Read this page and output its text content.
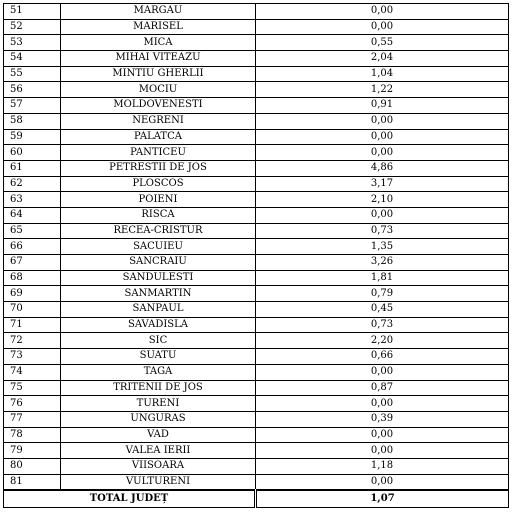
51	MARGAU	0,00
52	MARISEL	0,00
53	MICA	0,55
54	MIHAI VITEAZU	2,04
55	MINTIU GHERLII	1,04
56	MOCIU	1,22
57	MOLDOVENESTI	0,91
58	NEGRENI	0,00
59	PALATCA	0,00
60	PANTICEU	0,00
61	PETRESTII DE JOS	4,86
62	PLOSCOS	3,17
63	POIENI	2,10
64	RISCA	0,00
65	RECEA-CRISTUR	0,73
66	SACUIEU	1,35
67	SANCRAIU	3,26
68	SANDULESTI	1,81
69	SANMARTIN	0,79
70	SANPAUL	0,45
71	SAVADISLA	0,73
72	SIC	2,20
73	SUATU	0,66
74	TAGA	0,00
75	TRITENII DE JOS	0,87
76	TURENI	0,00
77	UNGURAS	0,39
78	VAD	0,00
79	VALEA IERII	0,00
80	VIISOARA	1,18
81	VULTURENI	0,00
TOTAL JUDEȚ		1,07
